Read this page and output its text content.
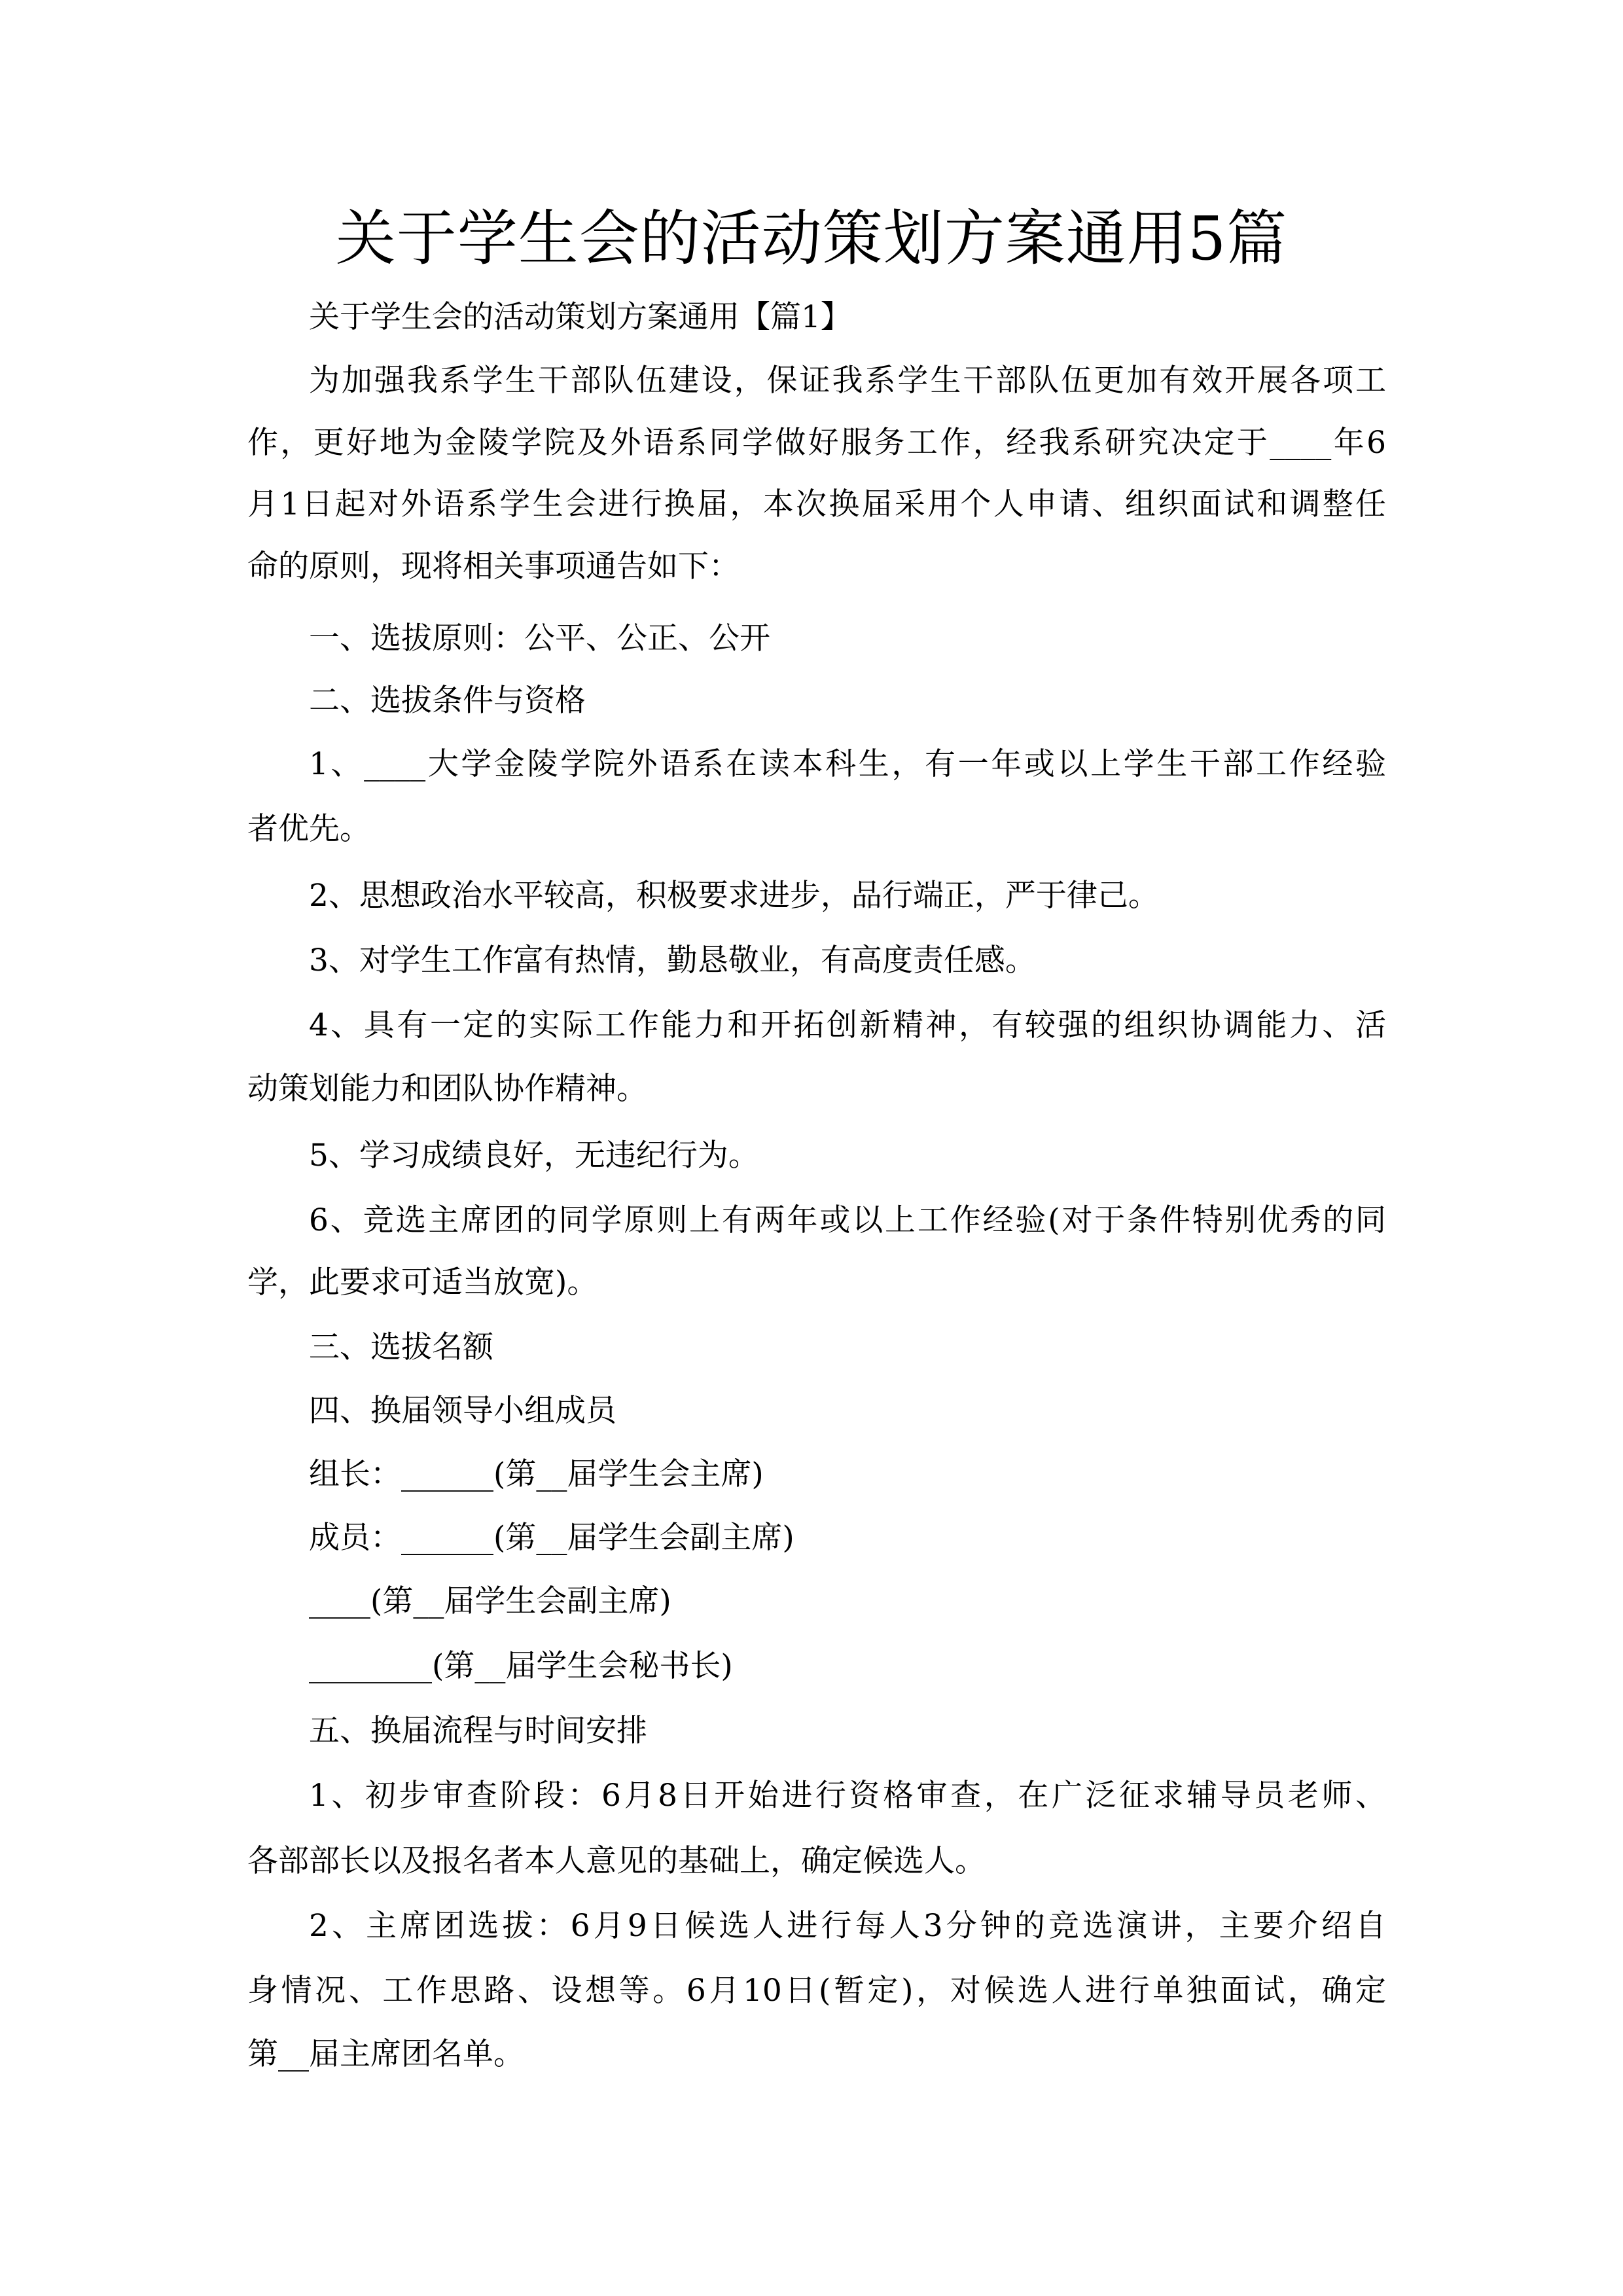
关于学生会的活动策划方案通用5篇
关于学生会的活动策划方案通用【篇1】
为加强我系学生干部队伍建设，保证我系学生干部队伍更加有效开展各项工
作，更好地为金陵学院及外语系同学做好服务工作，经我系研究决定于____年6
月1日起对外语系学生会进行换届，本次换届采用个人申请、组织面试和调整任
命的原则，现将相关事项通告如下：
一、选拔原则：公平、公正、公开
二、选拔条件与资格
1、____大学金陵学院外语系在读本科生，有一年或以上学生干部工作经验
者优先。
2、思想政治水平较高，积极要求进步，品行端正，严于律己。
3、对学生工作富有热情，勤恳敬业，有高度责任感。
4、具有一定的实际工作能力和开拓创新精神，有较强的组织协调能力、活
动策划能力和团队协作精神。
5、学习成绩良好，无违纪行为。
6、竞选主席团的同学原则上有两年或以上工作经验(对于条件特别优秀的同
学，此要求可适当放宽)。
三、选拔名额
四、换届领导小组成员
组长：______(第__届学生会主席)
成员：______(第__届学生会副主席)
____(第__届学生会副主席)
________(第__届学生会秘书长)
五、换届流程与时间安排
1、初步审查阶段：6月8日开始进行资格审查，在广泛征求辅导员老师、
各部部长以及报名者本人意见的基础上，确定候选人。
2、主席团选拔：6月9日候选人进行每人3分钟的竞选演讲，主要介绍自
身情况、工作思路、设想等。6月10日(暂定)，对候选人进行单独面试，确定
第__届主席团名单。
